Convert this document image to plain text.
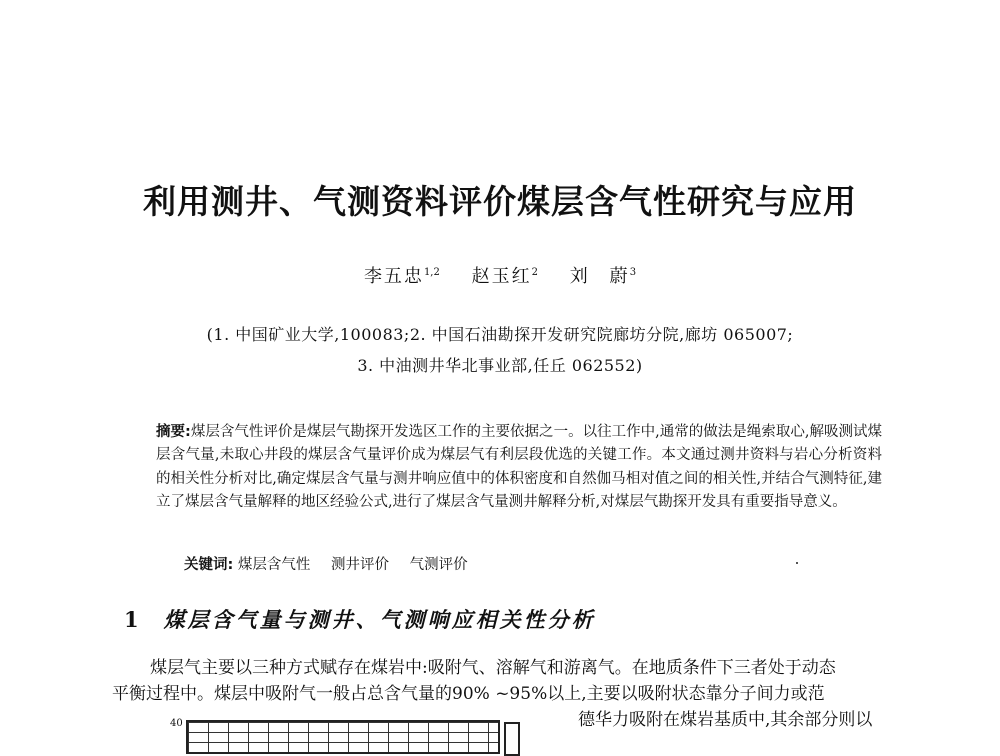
利用测井、气测资料评价煤层含气性研究与应用
李五忠$^{1,2}$ 赵玉红$^2$ 刘　蔚$^3$
(1. 中国矿业大学,100083;2. 中国石油勘探开发研究院廊坊分院,廊坊 065007;
3. 中油测井华北事业部,任丘 062552)
摘要:煤层含气性评价是煤层气勘探开发选区工作的主要依据之一。以往工作中,通常的做法是绳索取心,解吸测试煤层含气量,未取心井段的煤层含气量评价成为煤层气有利层段优选的关键工作。本文通过测井资料与岩心分析资料的相关性分析对比,确定煤层含气量与测井响应值中的体积密度和自然伽马相对值之间的相关性,并结合气测特征,建立了煤层含气量解释的地区经验公式,进行了煤层含气量测井解释分析,对煤层气勘探开发具有重要指导意义。
关键词: 煤层含气性 测井评价 气测评价
1 煤层含气量与测井、气测响应相关性分析
煤层气主要以三种方式赋存在煤岩中:吸附气、溶解气和游离气。在地质条件下三者处于动态
平衡过程中。煤层中吸附气一般占总含气量的90% ~95%以上,主要以吸附状态靠分子间力或范
德华力吸附在煤岩基质中,其余部分则以
40
